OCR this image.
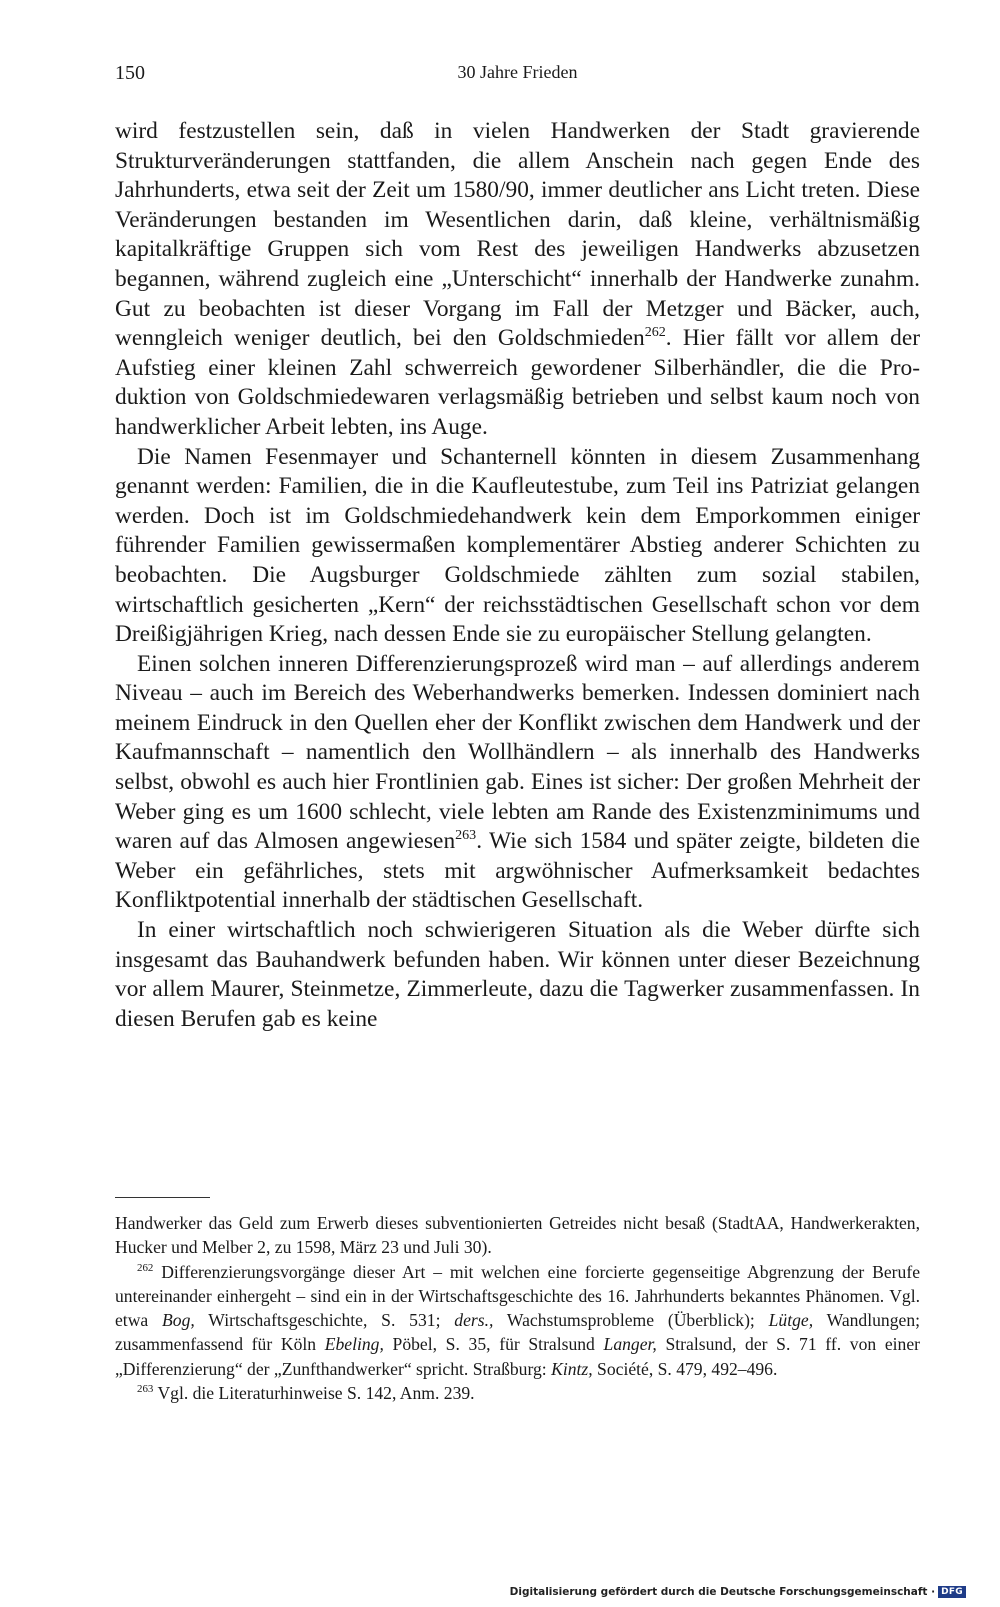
150	30 Jahre Frieden

wird festzustellen sein, daß in vielen Handwerken der Stadt gravierende Strukturveränderungen stattfanden, die allem Anschein nach gegen Ende des Jahrhunderts, etwa seit der Zeit um 1580/90, immer deutlicher ans Licht treten. Diese Veränderungen bestanden im Wesentlichen darin, daß kleine, verhältnismäßig kapitalkräftige Gruppen sich vom Rest des jeweiligen Handwerks abzusetzen begannen, während zugleich eine „Unterschicht“ innerhalb der Handwerke zunahm. Gut zu beobachten ist dieser Vorgang im Fall der Metzger und Bäcker, auch, wenngleich weniger deutlich, bei den Goldschmieden$^{262}$. Hier fällt vor allem der Aufstieg einer kleinen Zahl schwerreich gewordener Silberhändler, die die Produktion von Goldschmiedewaren verlagsmäßig betrieben und selbst kaum noch von handwerklicher Arbeit lebten, ins Auge.

Die Namen Fesenmayer und Schanternell könnten in diesem Zusammenhang genannt werden: Familien, die in die Kaufleutestube, zum Teil ins Patriziat gelangen werden. Doch ist im Goldschmiedehandwerk kein dem Emporkommen einiger führender Familien gewissermaßen komplementärer Abstieg anderer Schichten zu beobachten. Die Augsburger Goldschmiede zählten zum sozial stabilen, wirtschaftlich gesicherten „Kern“ der reichsstädtischen Gesellschaft schon vor dem Dreißigjährigen Krieg, nach dessen Ende sie zu europäischer Stellung gelangten.

Einen solchen inneren Differenzierungsprozeß wird man – auf allerdings anderem Niveau – auch im Bereich des Weberhandwerks bemerken. Indessen dominiert nach meinem Eindruck in den Quellen eher der Konflikt zwischen dem Handwerk und der Kaufmannschaft – namentlich den Wollhändlern – als innerhalb des Handwerks selbst, obwohl es auch hier Frontlinien gab. Eines ist sicher: Der großen Mehrheit der Weber ging es um 1600 schlecht, viele lebten am Rande des Existenzminimums und waren auf das Almosen angewiesen$^{263}$. Wie sich 1584 und später zeigte, bildeten die Weber ein gefährliches, stets mit argwöhnischer Aufmerksamkeit bedachtes Konfliktpotential innerhalb der städtischen Gesellschaft.

In einer wirtschaftlich noch schwierigeren Situation als die Weber dürfte sich insgesamt das Bauhandwerk befunden haben. Wir können unter dieser Bezeichnung vor allem Maurer, Steinmetze, Zimmerleute, dazu die Tagwerker zusammenfassen. In diesen Berufen gab es keine

Handwerker das Geld zum Erwerb dieses subventionierten Getreides nicht besaß (StadtAA, Handwerkerakten, Hucker und Melber 2, zu 1598, März 23 und Juli 30).

$^{262}$ Differenzierungsvorgänge dieser Art – mit welchen eine forcierte gegenseitige Abgrenzung der Berufe untereinander einhergeht – sind ein in der Wirtschaftsgeschichte des 16. Jahrhunderts bekanntes Phänomen. Vgl. etwa Bog, Wirtschaftsgeschichte, S. 531; ders., Wachstumsprobleme (Überblick); Lütge, Wandlungen; zusammenfassend für Köln Ebeling, Pöbel, S. 35, für Stralsund Langer, Stralsund, der S. 71 ff. von einer „Differenzierung“ der „Zunfthandwerker“ spricht. Straßburg: Kintz, Société, S. 479, 492–496.

$^{263}$ Vgl. die Literaturhinweise S. 142, Anm. 239.

Digitalisierung gefördert durch die Deutsche Forschungsgemeinschaft · DFG
